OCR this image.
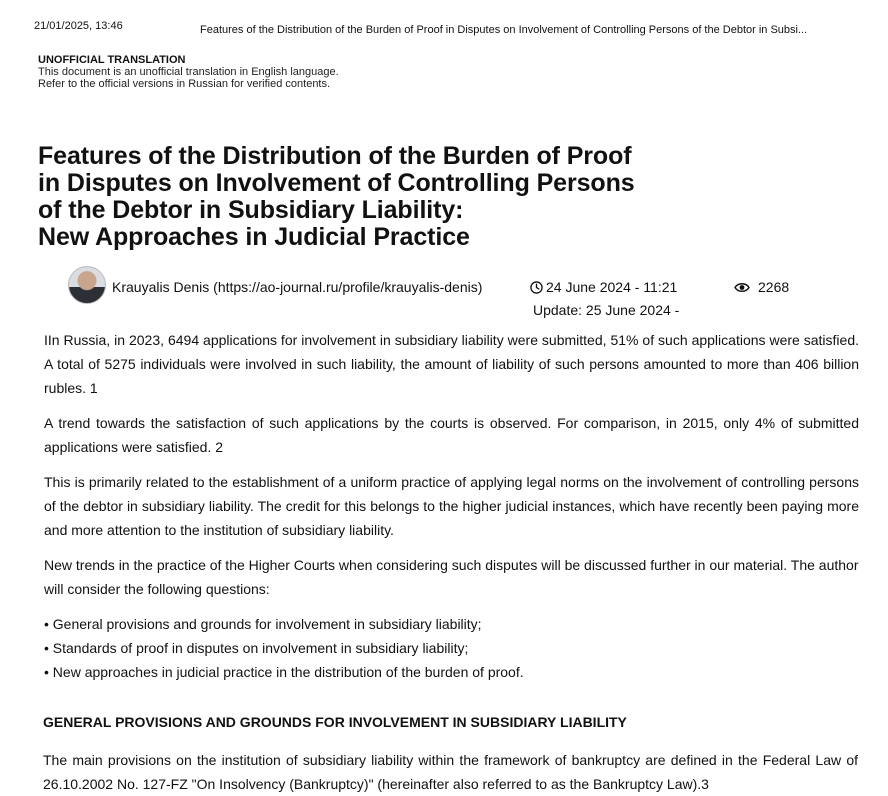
21/01/2025, 13:46	Features of the Distribution of the Burden of Proof in Disputes on Involvement of Controlling Persons of the Debtor in Subsi...
UNOFFICIAL TRANSLATION
This document is an unofficial translation in English language.
Refer to the official versions in Russian for verified contents.
Features of the Distribution of the Burden of Proof
in Disputes on Involvement of Controlling Persons
of the Debtor in Subsidiary Liability:
New Approaches in Judicial Practice
Krauyalis Denis (https://ao-journal.ru/profile/krauyalis-denis)	24 June 2024 - 11:21
Update: 25 June 2024 -
2268

IIn Russia, in 2023, 6494 applications for involvement in subsidiary liability were submitted, 51% of such applications were satisfied. A total of 5275 individuals were involved in such liability, the amount of liability of such persons amounted to more than 406 billion rubles. 1

A trend towards the satisfaction of such applications by the courts is observed. For comparison, in 2015, only 4% of submitted applications were satisfied. 2

This is primarily related to the establishment of a uniform practice of applying legal norms on the involvement of controlling persons of the debtor in subsidiary liability. The credit for this belongs to the higher judicial instances, which have recently been paying more and more attention to the institution of subsidiary liability.

New trends in the practice of the Higher Courts when considering such disputes will be discussed further in our material. The author will consider the following questions:

• General provisions and grounds for involvement in subsidiary liability;
• Standards of proof in disputes on involvement in subsidiary liability;
• New approaches in judicial practice in the distribution of the burden of proof.
GENERAL PROVISIONS AND GROUNDS FOR INVOLVEMENT IN SUBSIDIARY LIABILITY
The main provisions on the institution of subsidiary liability within the framework of bankruptcy are defined in the Federal Law of 26.10.2002 No. 127-FZ "On Insolvency (Bankruptcy)" (hereinafter also referred to as the Bankruptcy Law).3
